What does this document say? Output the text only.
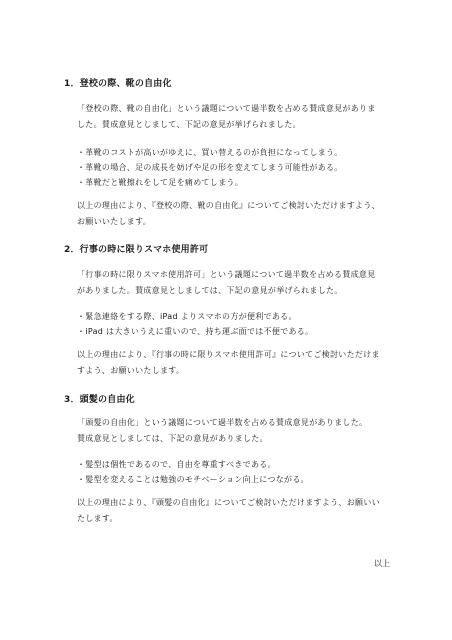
1．登校の際、靴の自由化
「登校の際、靴の自由化」という議題について過半数を占める賛成意見がありま
した。賛成意見としまして、下記の意見が挙げられました。
・革靴のコストが高いがゆえに、買い替えるのが負担になってしまう。
・革靴の場合、足の成長を妨げや足の形を変えてしまう可能性がある。
・革靴だと靴擦れをして足を痛めてしまう。
以上の理由により、『登校の際、靴の自由化』についてご検討いただけますよう、
お願いいたします。
2．行事の時に限りスマホ使用許可
「行事の時に限りスマホ使用許可」という議題について過半数を占める賛成意見
がありました。賛成意見としましては、下記の意見が挙げられました。
・緊急連絡をする際、iPad よりスマホの方が便利である。
・iPad は大きいうえに重いので、持ち運ぶ面では不便である。
以上の理由により、『行事の時に限りスマホ使用許可』についてご検討いただけま
すよう、お願いいたします。
3．頭髪の自由化
「頭髪の自由化」という議題について過半数を占める賛成意見がありました。
賛成意見としましては、下記の意見がありました。
・髪型は個性であるので、自由を尊重すべきである。
・髪型を変えることは勉強のモチベーション向上につながる。
以上の理由により、『頭髪の自由化』についてご検討いただけますよう、お願いい
たします。
以上
